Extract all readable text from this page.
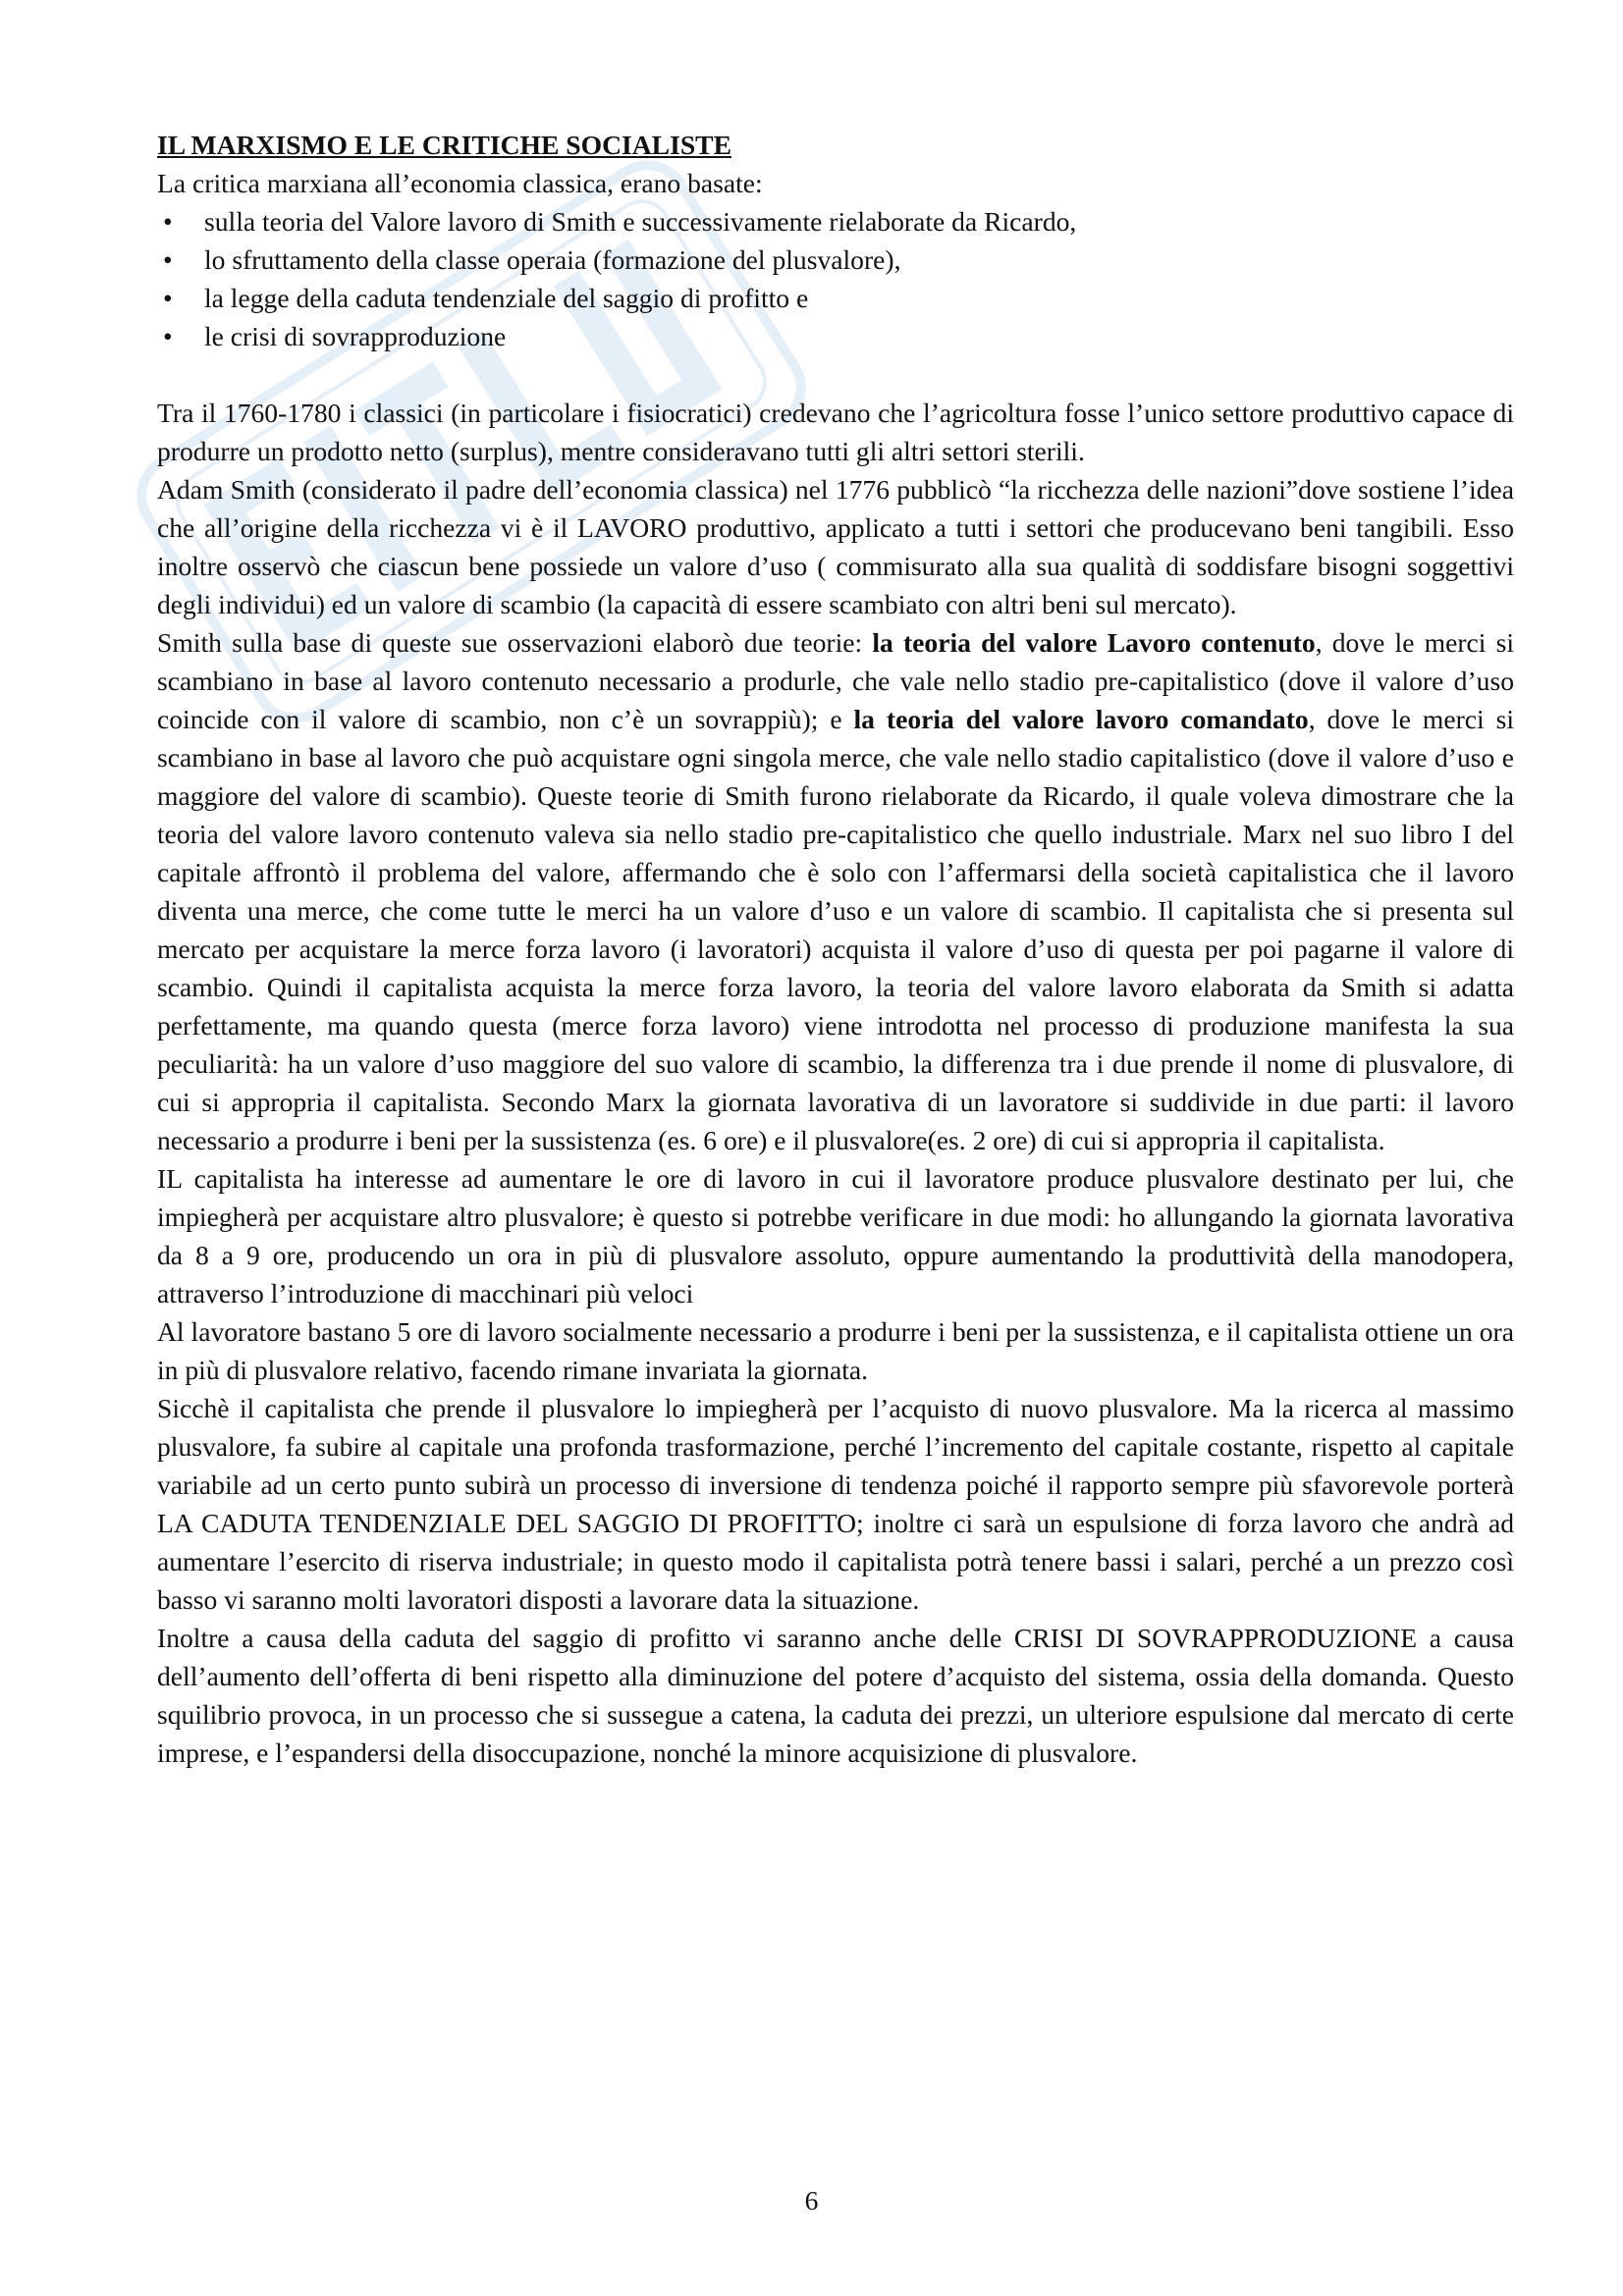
IL MARXISMO E LE CRITICHE SOCIALISTE

La critica marxiana all’economia classica, erano basate:

•	sulla teoria del Valore lavoro di Smith e successivamente rielaborate da Ricardo,
•	lo sfruttamento della classe operaia (formazione del plusvalore),
•	la legge della caduta tendenziale del saggio di profitto e
•	le crisi di sovrapproduzione

Tra il 1760-1780 i classici (in particolare i fisiocratici) credevano che l’agricoltura fosse l’unico settore produttivo capace di produrre un prodotto netto (surplus), mentre consideravano tutti gli altri settori sterili.

Adam Smith (considerato il padre dell’economia classica) nel 1776 pubblicò “la ricchezza delle nazioni”dove sostiene l’idea che all’origine della ricchezza vi è il LAVORO produttivo, applicato a tutti i settori che producevano beni tangibili. Esso inoltre osservò che ciascun bene possiede un valore d’uso ( commisurato alla sua qualità di soddisfare bisogni soggettivi degli individui) ed un valore di scambio (la capacità di essere scambiato con altri beni sul mercato).

Smith sulla base di queste sue osservazioni elaborò due teorie: la teoria del valore Lavoro contenuto, dove le merci si scambiano in base al lavoro contenuto necessario a produrle, che vale nello stadio pre-capitalistico (dove il valore d’uso coincide con il valore di scambio, non c’è un sovrappiù); e la teoria del valore lavoro comandato, dove le merci si scambiano in base al lavoro che può acquistare ogni singola merce, che vale nello stadio capitalistico (dove il valore d’uso e maggiore del valore di scambio). Queste teorie di Smith furono rielaborate da Ricardo, il quale voleva dimostrare che la teoria del valore lavoro contenuto valeva sia nello stadio pre-capitalistico che quello industriale. Marx nel suo libro I del capitale affrontò il problema del valore, affermando che è solo con l’affermarsi della società capitalistica che il lavoro diventa una merce, che come tutte le merci ha un valore d’uso e un valore di scambio. Il capitalista che si presenta sul mercato per acquistare la merce forza lavoro (i lavoratori) acquista il valore d’uso di questa per poi pagarne il valore di scambio. Quindi il capitalista acquista la merce forza lavoro, la teoria del valore lavoro elaborata da Smith si adatta perfettamente, ma quando questa (merce forza lavoro) viene introdotta nel processo di produzione manifesta la sua peculiarità: ha un valore d’uso maggiore del suo valore di scambio, la differenza tra i due prende il nome di plusvalore, di cui si appropria il capitalista. Secondo Marx la giornata lavorativa di un lavoratore si suddivide in due parti: il lavoro necessario a produrre i beni per la sussistenza (es. 6 ore) e il plusvalore(es. 2 ore) di cui si appropria il capitalista.

IL capitalista ha interesse ad aumentare le ore di lavoro in cui il lavoratore produce plusvalore destinato per lui, che impiegherà per acquistare altro plusvalore; è questo si potrebbe verificare in due modi: ho allungando la giornata lavorativa da 8 a 9 ore, producendo un ora in più di plusvalore assoluto, oppure aumentando la produttività della manodopera, attraverso l’introduzione di macchinari più veloci

Al lavoratore bastano 5 ore di lavoro socialmente necessario a produrre i beni per la sussistenza, e il capitalista ottiene un ora in più di plusvalore relativo, facendo rimane invariata la giornata.

Sicchè il capitalista che prende il plusvalore lo impiegherà per l’acquisto di nuovo plusvalore. Ma la ricerca al massimo plusvalore, fa subire al capitale una profonda trasformazione, perché l’incremento del capitale costante, rispetto al capitale variabile ad un certo punto subirà un processo di inversione di tendenza poiché il rapporto sempre più sfavorevole porterà LA CADUTA TENDENZIALE DEL SAGGIO DI PROFITTO; inoltre ci sarà un espulsione di forza lavoro che andrà ad aumentare l’esercito di riserva industriale; in questo modo il capitalista potrà tenere bassi i salari, perché a un prezzo così basso vi saranno molti lavoratori disposti a lavorare data la situazione.

Inoltre a causa della caduta del saggio di profitto vi saranno anche delle CRISI DI SOVRAPPRODUZIONE a causa dell’aumento dell’offerta di beni rispetto alla diminuzione del potere d’acquisto del sistema, ossia della domanda. Questo squilibrio provoca, in un processo che si sussegue a catena, la caduta dei prezzi, un ulteriore espulsione dal mercato di certe imprese, e l’espandersi della disoccupazione, nonché la minore acquisizione di plusvalore.

6
